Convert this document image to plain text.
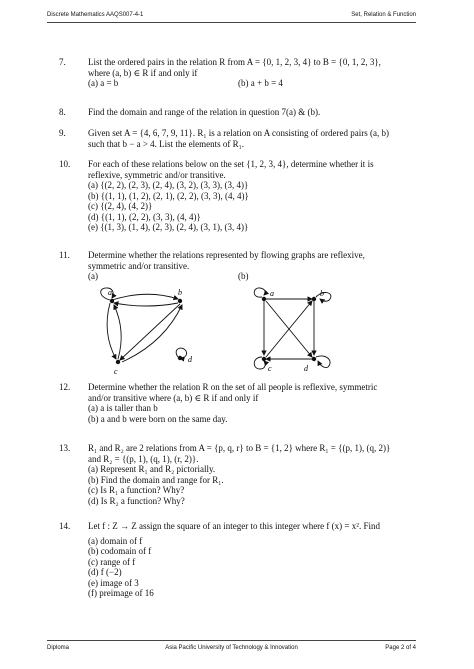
Discrete Mathematics AAQS007-4-1	Set, Relation & Function
7. List the ordered pairs in the relation R from A = {0, 1, 2, 3, 4} to B = {0, 1, 2, 3},
where (a, b) ∈ R if and only if
(a) a = b	(b) a + b = 4
8. Find the domain and range of the relation in question 7(a) & (b).
9. Given set A = {4, 6, 7, 9, 11}. R₁ is a relation on A consisting of ordered pairs (a, b)
such that b − a > 4. List the elements of R₁.
10. For each of these relations below on the set {1, 2, 3, 4}, determine whether it is
reflexive, symmetric and/or transitive.
(a) {(2, 2), (2, 3), (2, 4), (3, 2), (3, 3), (3, 4)}
(b) {(1, 1), (1, 2), (2, 1), (2, 2), (3, 3), (4, 4)}
(c) {(2, 4), (4, 2)}
(d) {(1, 1), (2, 2), (3, 3), (4, 4)}
(e) {(1, 3), (1, 4), (2, 3), (2, 4), (3, 1), (3, 4)}
11. Determine whether the relations represented by flowing graphs are reflexive,
symmetric and/or transitive.
(a)	(b)
a	b
c
d
a	b
c	d
12. Determine whether the relation R on the set of all people is reflexive, symmetric
and/or transitive where (a, b) ∈ R if and only if
(a) a is taller than b
(b) a and b were born on the same day.
13. R₁ and R₂ are 2 relations from A = {p, q, r} to B = {1, 2} where R₁ = {(p, 1), (q, 2)}
and R₂ = {(p, 1), (q, 1), (r, 2)}.
(a) Represent R₁ and R₂ pictorially.
(b) Find the domain and range for R₁.
(c) Is R₁ a function? Why?
(d) Is R₂ a function? Why?
14. Let f : Z → Z assign the square of an integer to this integer where f (x) = x². Find
(a) domain of f
(b) codomain of f
(c) range of f
(d) f (−2)
(e) image of 3
(f) preimage of 16
Diploma	Asia Pacific University of Technology & Innovation	Page 2 of 4
